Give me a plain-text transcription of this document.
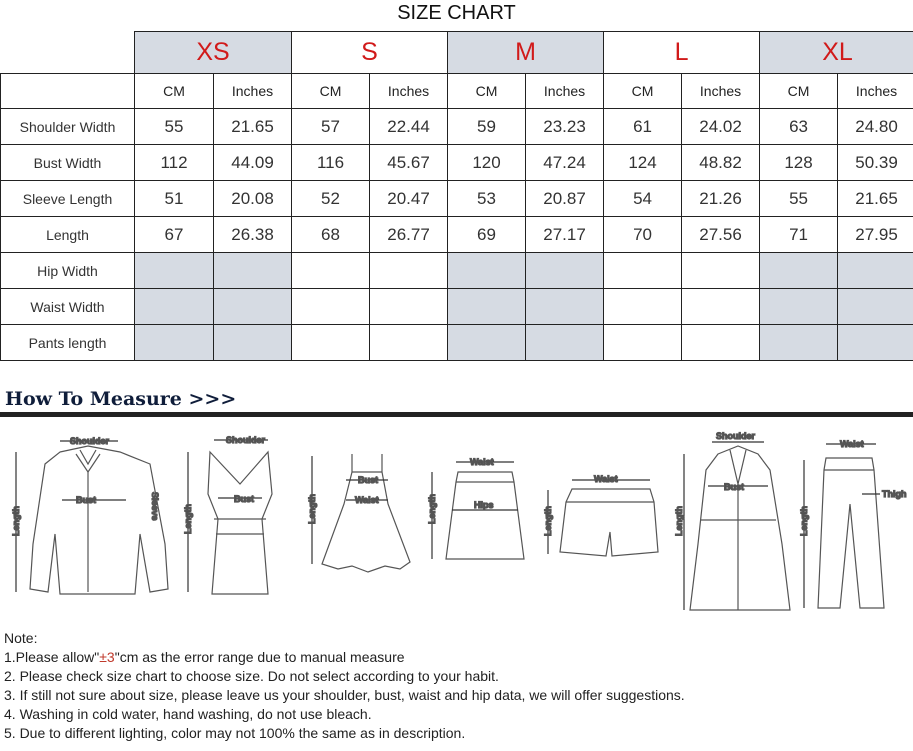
SIZE CHART
	XS		S		M		L		XL	
	CM	Inches	CM	Inches	CM	Inches	CM	Inches	CM	Inches
Shoulder Width	55	21.65	57	22.44	59	23.23	61	24.02	63	24.80
Bust Width	112	44.09	116	45.67	120	47.24	124	48.82	128	50.39
Sleeve Length	51	20.08	52	20.47	53	20.87	54	21.26	55	21.65
Length	67	26.38	68	26.77	69	27.17	70	27.56	71	27.95
Hip Width										
Waist Width										
Pants length										
How To Measure >>>
Shoulder
Bust	Sleeve
Length
Shoulder
Bust
Length
Bust
Waist
Length
Waist
Hips
Length
Waist
Length
Shoulder
Bust
Length
Waist
Thigh
Length
Note:
1.Please allow"±3"cm as the error range due to manual measure
2. Please check size chart to choose size. Do not select according to your habit.
3. If still not sure about size, please leave us your shoulder, bust, waist and hip data, we will offer suggestions.
4. Washing in cold water, hand washing, do not use bleach.
5. Due to different lighting, color may not 100% the same as in description.
